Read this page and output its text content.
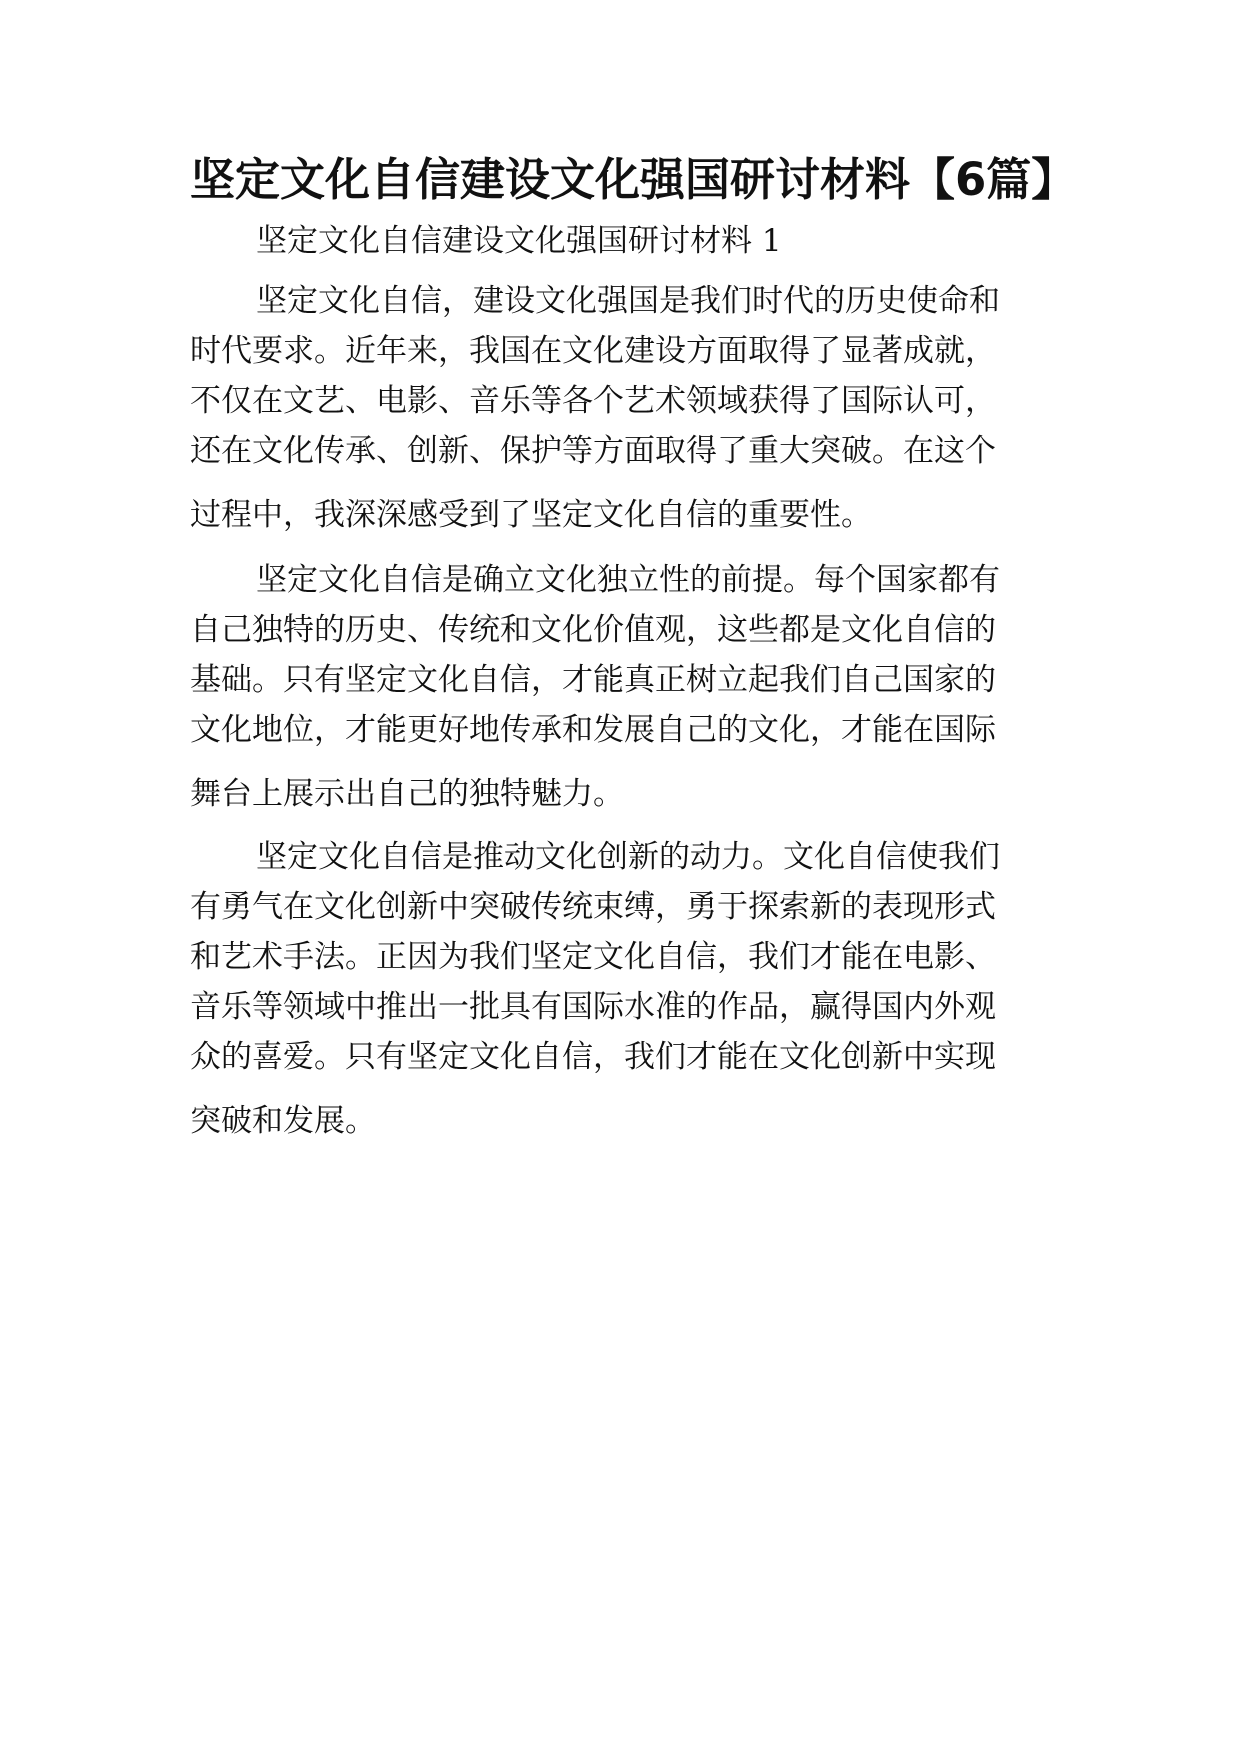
坚定文化自信建设文化强国研讨材料【6篇】

坚定文化自信建设文化强国研讨材料 1

坚定文化自信，建设文化强国是我们时代的历史使命和
时代要求。近年来，我国在文化建设方面取得了显著成就，
不仅在文艺、电影、音乐等各个艺术领域获得了国际认可，
还在文化传承、创新、保护等方面取得了重大突破。在这个
过程中，我深深感受到了坚定文化自信的重要性。
坚定文化自信是确立文化独立性的前提。每个国家都有
自己独特的历史、传统和文化价值观，这些都是文化自信的
基础。只有坚定文化自信，才能真正树立起我们自己国家的
文化地位，才能更好地传承和发展自己的文化，才能在国际
舞台上展示出自己的独特魅力。
坚定文化自信是推动文化创新的动力。文化自信使我们
有勇气在文化创新中突破传统束缚，勇于探索新的表现形式
和艺术手法。正因为我们坚定文化自信，我们才能在电影、
音乐等领域中推出一批具有国际水准的作品，赢得国内外观
众的喜爱。只有坚定文化自信，我们才能在文化创新中实现
突破和发展。
